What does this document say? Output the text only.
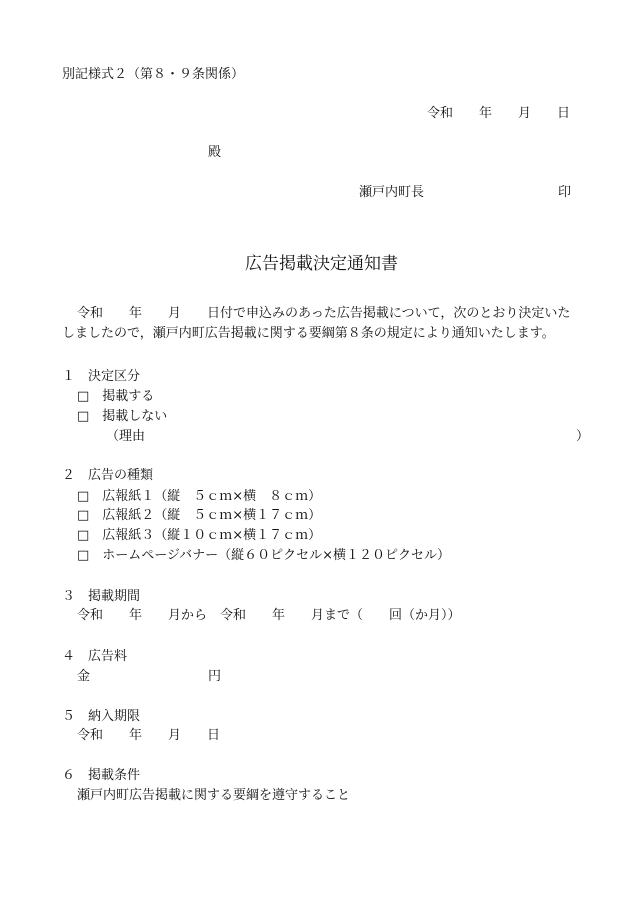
別記様式２（第８・９条関係）
令和　　年　　月　　日
殿
瀬戸内町長	印
広告掲載決定通知書
令和　　年　　月　　日付で申込みのあった広告掲載について，次のとおり決定いた
しましたので，瀬戸内町広告掲載に関する要綱第８条の規定により通知いたします。
１　決定区分
□　掲載する
□　掲載しない
（理由	）
２　広告の種類
□　広報紙１（縦　５ｃｍ×横　８ｃｍ）
□　広報紙２（縦　５ｃｍ×横１７ｃｍ）
□　広報紙３（縦１０ｃｍ×横１７ｃｍ）
□　ホームページバナー（縦６０ピクセル×横１２０ピクセル）
３　掲載期間
令和　　年　　月から　令和　　年　　月まで（　　回（か月））
４　広告料
金	円
５　納入期限
令和　　年　　月　　日
６　掲載条件
瀬戸内町広告掲載に関する要綱を遵守すること
